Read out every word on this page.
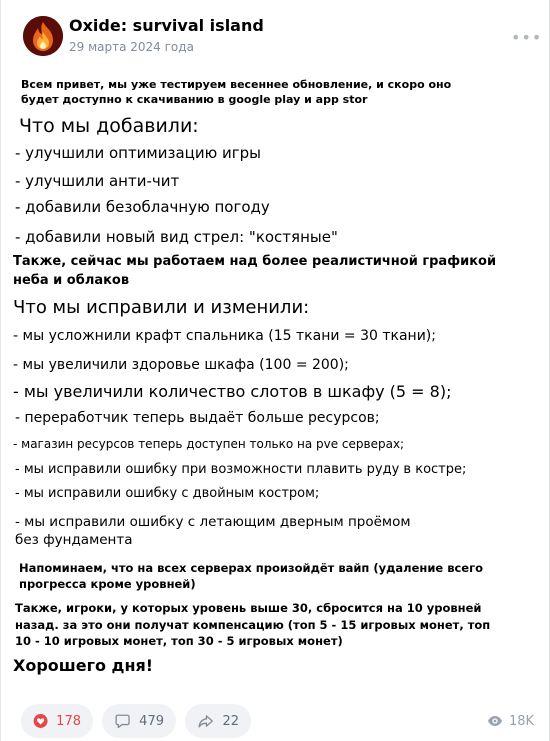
Oxide: survival island
29 марта 2024 года	•••
Всем привет, мы уже тестируем весеннее обновление, и скоро оно
будет доступно к скачиванию в google play и app stor
Что мы добавили:
- улучшили оптимизацию игры
- улучшили анти-чит
- добавили безоблачную погоду
- добавили новый вид стрел: "костяные"
Также, сейчас мы работаем над более реалистичной графикой
неба и облаков
Что мы исправили и изменили:
- мы усложнили крафт спальника (15 ткани = 30 ткани);
- мы увеличили здоровье шкафа (100 = 200);
- мы увеличили количество слотов в шкафу (5 = 8);
- переработчик теперь выдаёт больше ресурсов;
- магазин ресурсов теперь доступен только на pve серверах;
- мы исправили ошибку при возможности плавить руду в костре;
- мы исправили ошибку с двойным костром;
- мы исправили ошибку с летающим дверным проёмом
без фундамента
Напоминаем, что на всех серверах произойдёт вайп (удаление всего
прогресса кроме уровней)
Также, игроки, у которых уровень выше 30, сбросится на 10 уровней
назад. за это они получат компенсацию (топ 5 - 15 игровых монет, топ
10 - 10 игровых монет, топ 30 - 5 игровых монет)
Хорошего дня!
178	479	22	18K
